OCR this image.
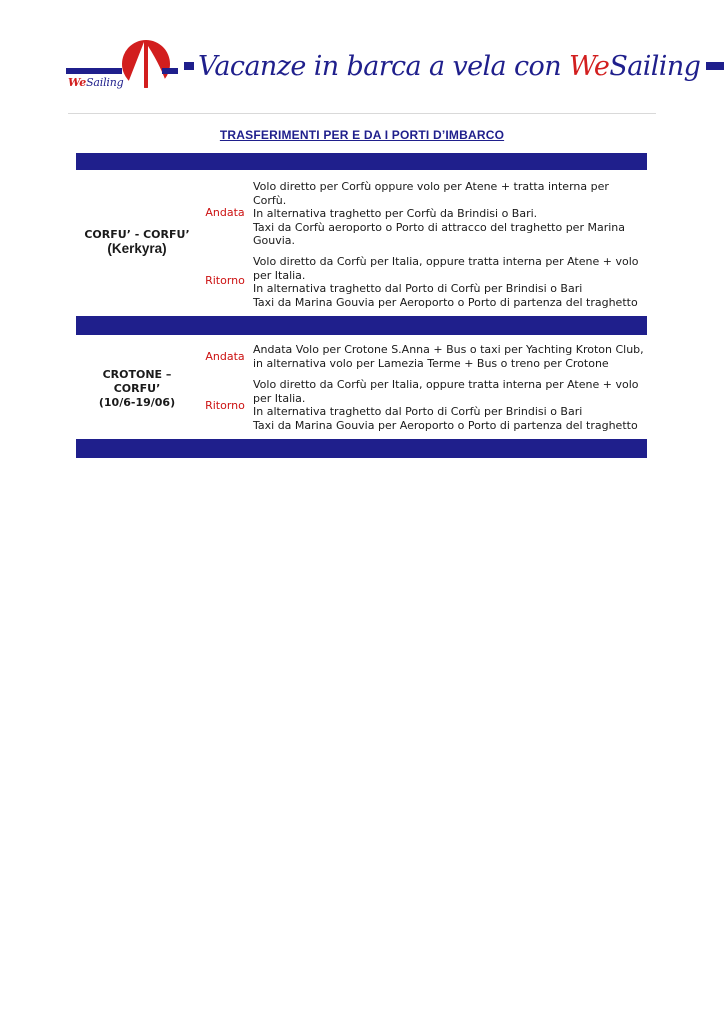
WeSailing
Vacanze in barca a vela con WeSailing
TRASFERIMENTI PER E DA I PORTI D’IMBARCO
CORFU’ - CORFU’
(Kerkyra)
Andata
Volo diretto per Corfù oppure volo per Atene + tratta interna per Corfù.
In alternativa traghetto per Corfù da Brindisi o Bari.
Taxi da Corfù aeroporto o Porto di attracco del traghetto per Marina Gouvia.
Ritorno
Volo diretto da Corfù per Italia, oppure tratta interna per Atene + volo per Italia.
In alternativa traghetto dal Porto di Corfù per Brindisi o Bari
Taxi da Marina Gouvia per Aeroporto o Porto di partenza del traghetto
CROTONE –
CORFU’
(10/6-19/06)
Andata
Andata Volo per Crotone S.Anna + Bus o taxi per Yachting Kroton Club, in alternativa volo per Lamezia Terme + Bus o treno per Crotone
Ritorno
Volo diretto da Corfù per Italia, oppure tratta interna per Atene + volo per Italia.
In alternativa traghetto dal Porto di Corfù per Brindisi o Bari
Taxi da Marina Gouvia per Aeroporto o Porto di partenza del traghetto
